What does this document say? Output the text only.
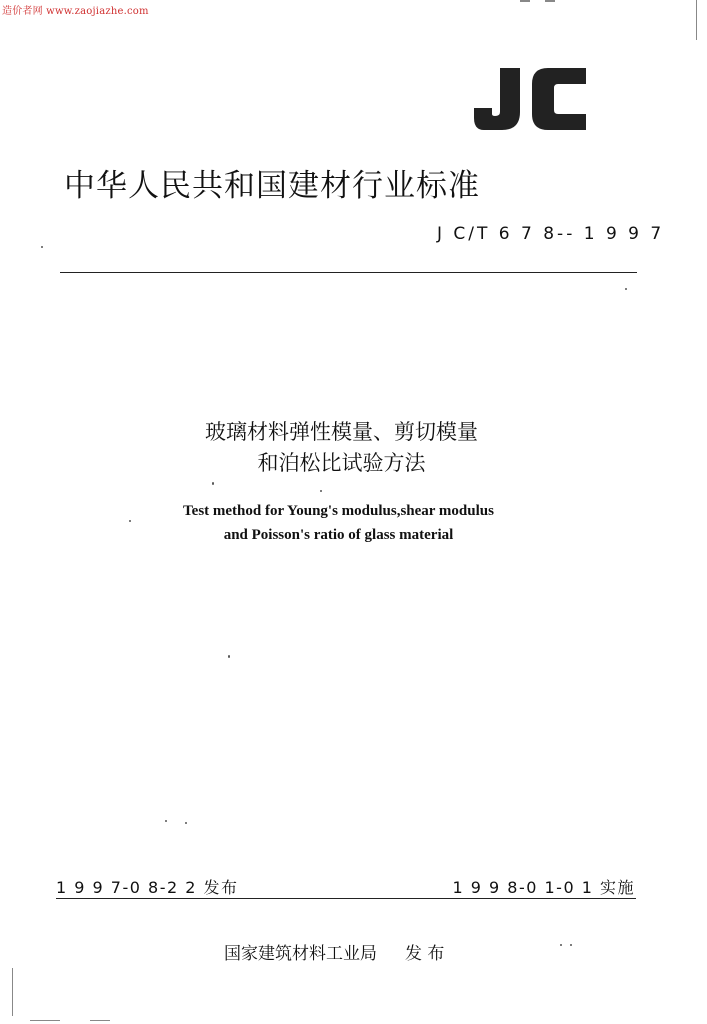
造价者网 www.zaojiazhe.com
中华人民共和国建材行业标准
J C/T 6 7 8-- 1 9 9 7
玻璃材料弹性模量、剪切模量
和泊松比试验方法
Test method for Young's modulus,shear modulus
and Poisson's ratio of glass material
1 9 9 7-0 8-2 2 发布	1 9 9 8-0 1-0 1 实施
国家建筑材料工业局 发 布
